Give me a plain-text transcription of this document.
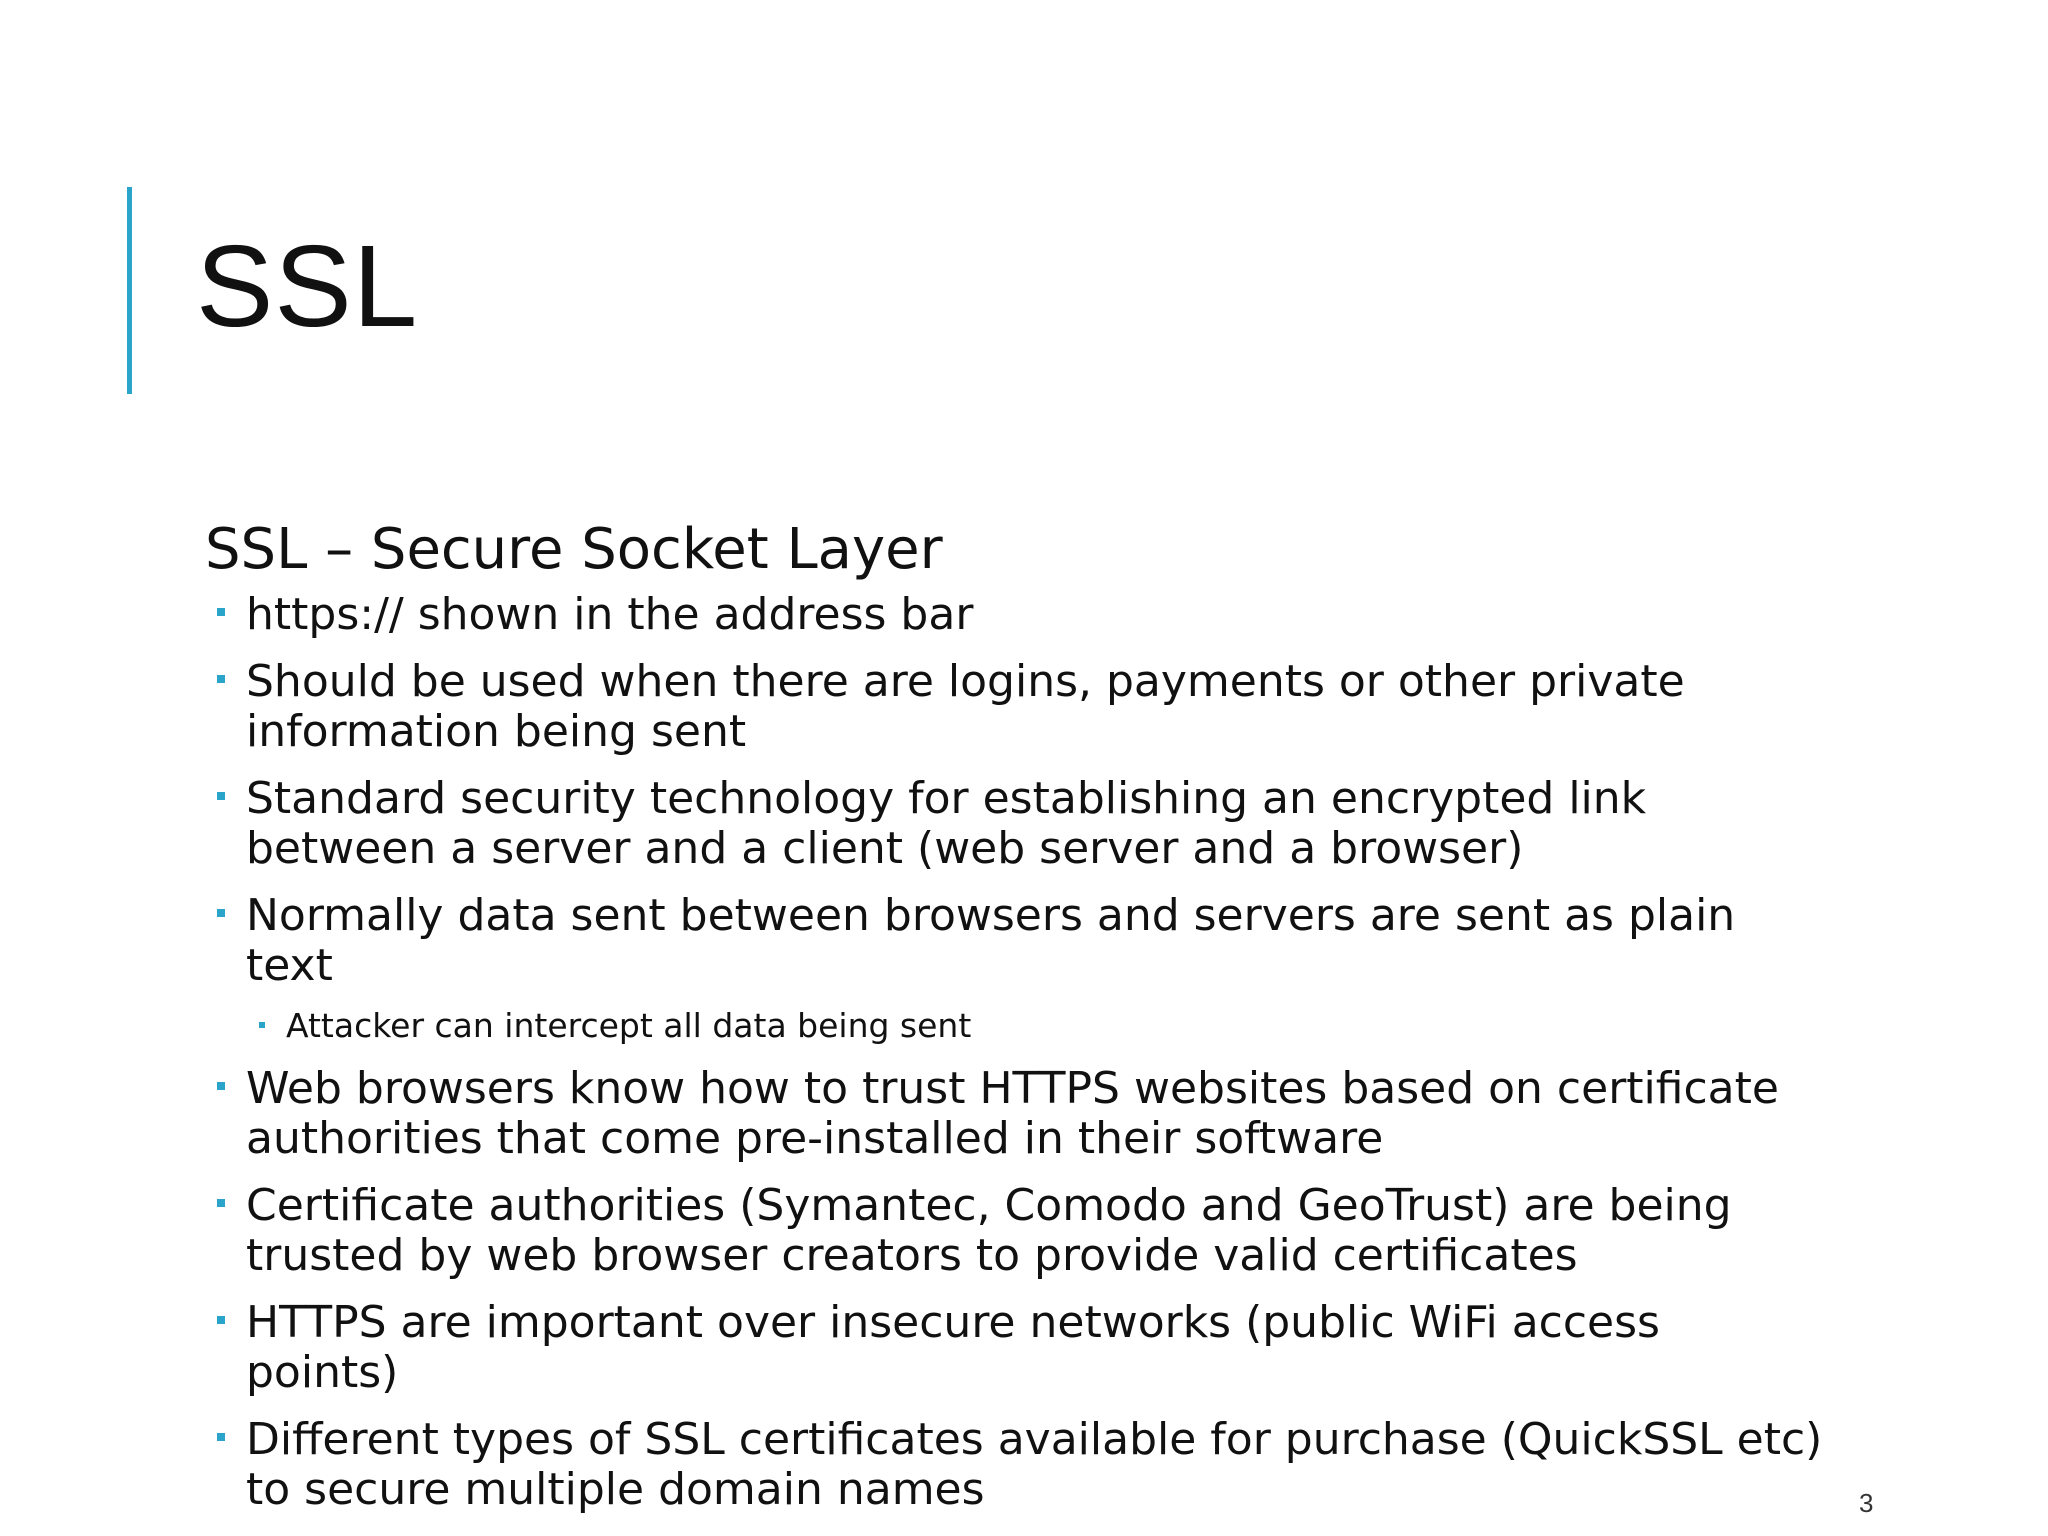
SSL
SSL – Secure Socket Layer
https:// shown in the address bar
Should be used when there are logins, payments or other private information being sent
Standard security technology for establishing an encrypted link between a server and a client (web server and a browser)
Normally data sent between browsers and servers are sent as plain text
Attacker can intercept all data being sent
Web browsers know how to trust HTTPS websites based on certificate authorities that come pre-installed in their software
Certificate authorities (Symantec, Comodo and GeoTrust) are being trusted by web browser creators to provide valid certificates
HTTPS are important over insecure networks (public WiFi access points)
Different types of SSL certificates available for purchase (QuickSSL etc) to secure multiple domain names	3
